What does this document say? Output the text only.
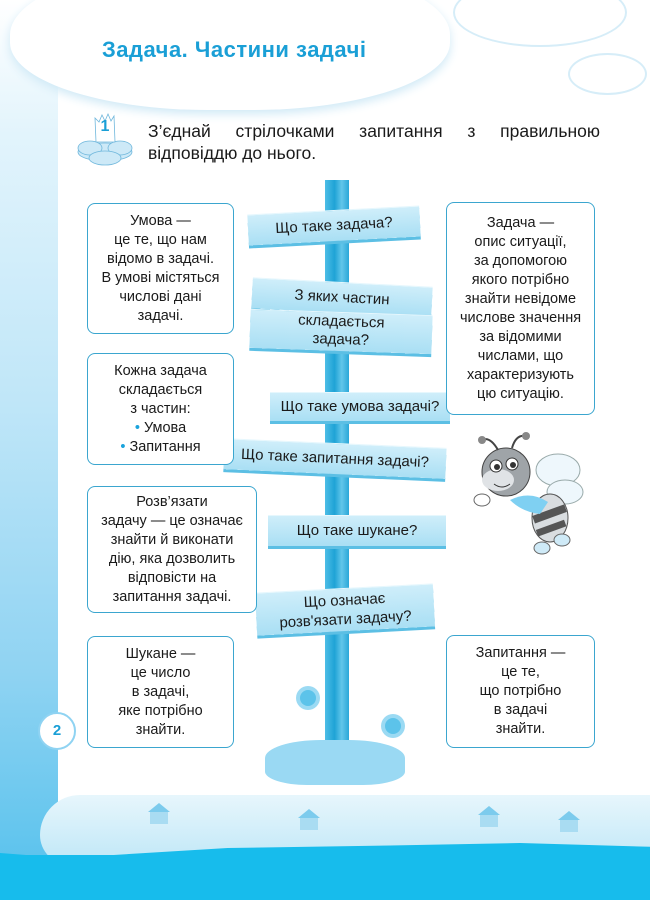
Задача. Частини задачі
1	З’єднай стрілочками запитання з правильною відповіддю до нього.
Що таке задача?
З яких частин
складається
задача?
Що таке умова задачі?
Що таке запитання задачі?
Що таке шукане?
Що означає
розв'язати задачу?
Умова —
це те, що нам
відомо в задачі.
В умові містяться
числові дані
задачі.
Кожна задача
складається
з частин:
• Умова
• Запитання
Розв’язати
задачу — це означає
знайти й виконати
дію, яка дозволить
відповісти на
запитання задачі.
Шукане —
це число
в задачі,
яке потрібно
знайти.
Задача —
опис ситуації,
за допомогою
якого потрібно
знайти невідоме
числове значення
за відомими
числами, що
характеризують
цю ситуацію.
Запитання —
це те,
що потрібно
в задачі
знайти.
2
